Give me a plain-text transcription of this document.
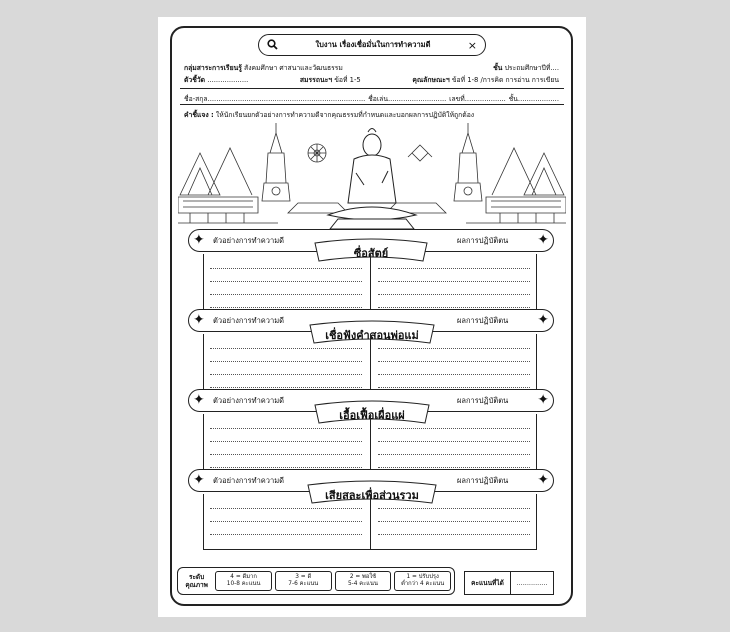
ใบงาน เรื่องเชื่อมั่นในการทำความดี	×
กลุ่มสาระการเรียนรู้ สังคมศึกษา ศาสนาและวัฒนธรรม	ชั้น ประถมศึกษาปีที่....
ตัวชี้วัด ...................	สมรรถนะฯ ข้อที่ 1-5	คุณลักษณะฯ ข้อที่ 1-8 /การคิด การอ่าน การเขียน
ชื่อ-สกุล......................................................................... ชื่อเล่น........................... เลขที่................... ชั้น...................
คำชี้แจง :
ให้นักเรียนยกตัวอย่างการทำความดีจากคุณธรรมที่กำหนดและบอกผลการปฏิบัติให้ถูกต้อง
✦ ตัวอย่างการทำความดี	ผลการปฏิบัติตน ✦
ซื่อสัตย์
✦ ตัวอย่างการทำความดี	ผลการปฏิบัติตน ✦
เชื่อฟังคำสอนพ่อแม่
✦ ตัวอย่างการทำความดี	ผลการปฏิบัติตน ✦
เอื้อเฟื้อเผื่อแผ่
✦ ตัวอย่างการทำความดี	ผลการปฏิบัติตน ✦
เสียสละเพื่อส่วนรวม
ระดับคุณภาพ
4 = ดีมาก
10-8 คะแนน
3 = ดี
7-6 คะแนน
2 = พอใช้
5-4 คะแนน
1 = ปรับปรุง
ต่ำกว่า 4 คะแนน	คะแนนที่ได้	...............
